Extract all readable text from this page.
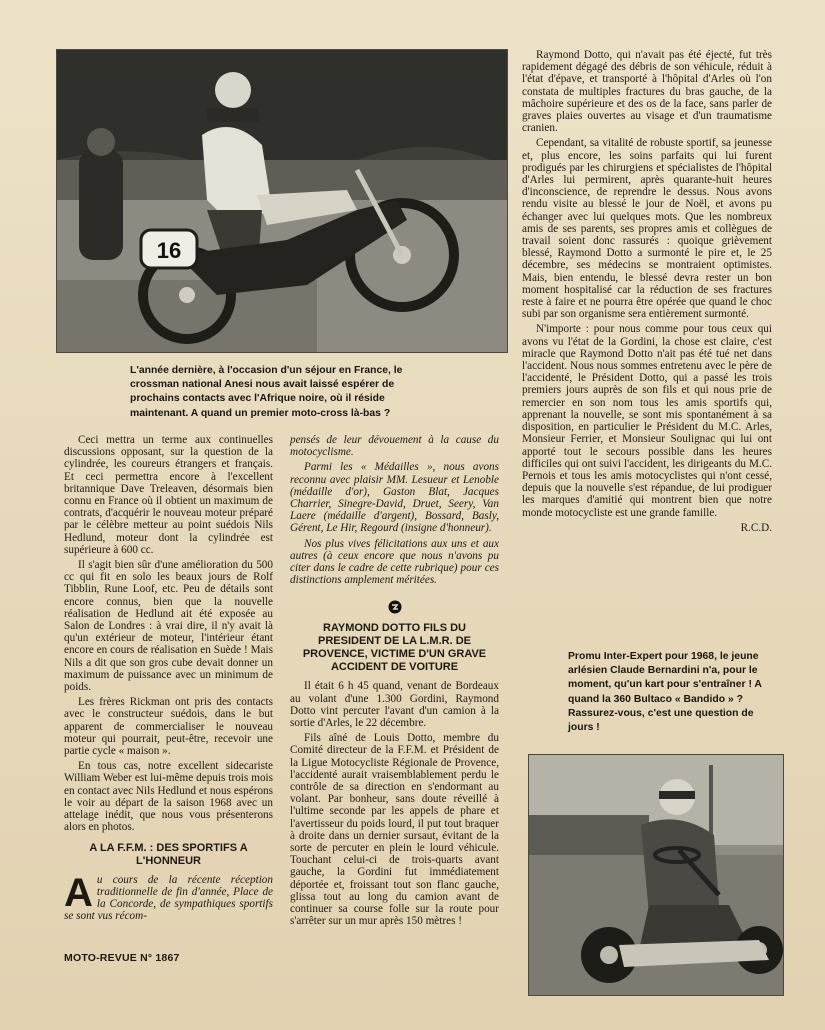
16
L'année dernière, à l'occasion d'un séjour en France, le crossman national Anesi nous avait laissé espérer de prochains contacts avec l'Afrique noire, où il réside maintenant. A quand un premier moto-cross là-bas ?

Raymond Dotto, qui n'avait pas été éjecté, fut très rapidement dégagé des débris de son véhicule, réduit à l'état d'épave, et transporté à l'hôpital d'Arles où l'on constata de multiples fractures du bras gauche, de la mâchoire supérieure et des os de la face, sans parler de graves plaies ouvertes au visage et d'un traumatisme cranien.

Cependant, sa vitalité de robuste sportif, sa jeunesse et, plus encore, les soins parfaits qui lui furent prodigués par les chirurgiens et spécialistes de l'hôpital d'Arles lui permirent, après quarante-huit heures d'inconscience, de reprendre le dessus. Nous avons rendu visite au blessé le jour de Noël, et avons pu échanger avec lui quelques mots. Que les nombreux amis de ses parents, ses propres amis et collègues de travail soient donc rassurés : quoique grièvement blessé, Raymond Dotto a surmonté le pire et, le 25 décembre, ses médecins se montraient optimistes. Mais, bien entendu, le blessé devra rester un bon moment hospitalisé car la réduction de ses fractures reste à faire et ne pourra être opérée que quand le choc subi par son organisme sera entièrement surmonté.

N'importe : pour nous comme pour tous ceux qui avons vu l'état de la Gordini, la chose est claire, c'est miracle que Raymond Dotto n'ait pas été tué net dans l'accident. Nous nous sommes entretenu avec le père de l'accidenté, le Président Dotto, qui a passé les trois premiers jours auprès de son fils et qui nous prie de remercier en son nom tous les amis sportifs qui, apprenant la nouvelle, se sont mis spontanément à sa disposition, en particulier le Président du M.C. Arles, Monsieur Ferrier, et Monsieur Soulignac qui lui ont apporté tout le secours possible dans les heures difficiles qui ont suivi l'accident, les dirigeants du M.C. Pernois et tous les amis motocyclistes qui n'ont cessé, depuis que la nouvelle s'est répandue, de lui prodiguer les marques d'amitié qui montrent bien que notre monde motocycliste est une grande famille.

R.C.D.

Ceci mettra un terme aux continuelles discussions opposant, sur la question de la cylindrée, les coureurs étrangers et français. Et ceci permettra encore à l'excellent britannique Dave Treleaven, désormais bien connu en France où il obtient un maximum de contrats, d'acquérir le nouveau moteur préparé par le célèbre metteur au point suédois Nils Hedlund, moteur dont la cylindrée est supérieure à 600 cc.

Il s'agit bien sûr d'une amélioration du 500 cc qui fit en solo les beaux jours de Rolf Tibblin, Rune Loof, etc. Peu de détails sont encore connus, bien que la nouvelle réalisation de Hedlund ait été exposée au Salon de Londres : à vrai dire, il n'y avait là qu'un extérieur de moteur, l'intérieur étant encore en cours de réalisation en Suède ! Mais Nils a dit que son gros cube devait donner un maximum de puissance avec un minimum de poids.

Les frères Rickman ont pris des contacts avec le constructeur suédois, dans le but apparent de commercialiser le nouveau moteur qui pourrait, peut-être, recevoir une partie cycle « maison ».

En tous cas, notre excellent sidecariste William Weber est lui-même depuis trois mois en contact avec Nils Hedlund et nous espérons le voir au départ de la saison 1968 avec un attelage inédit, que nous vous présenterons alors en photos.

A LA F.F.M. : DES SPORTIFS A L'HONNEUR
A u cours de la récente réception traditionnelle de fin d'année, Place de la Concorde, de sympathiques sportifs se sont vus récom-

pensés de leur dévouement à la cause du motocyclisme.

Parmi les « Médailles », nous avons reconnu avec plaisir MM. Lesueur et Lenoble (médaille d'or), Gaston Blat, Jacques Charrier, Sinegre-David, Druet, Seery, Van Laere (médaille d'argent), Bossard, Basly, Gérent, Le Hir, Regourd (insigne d'honneur).

Nos plus vives félicitations aux uns et aux autres (à ceux encore que nous n'avons pu citer dans le cadre de cette rubrique) pour ces distinctions amplement méritées.

RAYMOND DOTTO FILS DU PRESIDENT DE LA L.M.R. DE PROVENCE, VICTIME D'UN GRAVE ACCIDENT DE VOITURE

Il était 6 h 45 quand, venant de Bordeaux au volant d'une 1.300 Gordini, Raymond Dotto vint percuter l'avant d'un camion à la sortie d'Arles, le 22 décembre.

Fils aîné de Louis Dotto, membre du Comité directeur de la F.F.M. et Président de la Ligue Motocycliste Régionale de Provence, l'accidenté aurait vraisemblablement perdu le contrôle de sa direction en s'endormant au volant. Par bonheur, sans doute réveillé à l'ultime seconde par les appels de phare et l'avertisseur du poids lourd, il put tout braquer à droite dans un dernier sursaut, évitant de la sorte de percuter en plein le lourd véhicule. Touchant celui-ci de trois-quarts avant gauche, la Gordini fut immédiatement déportée et, froissant tout son flanc gauche, glissa tout au long du camion avant de continuer sa course folle sur la route pour s'arrêter sur un mur après 150 mètres !

Promu Inter-Expert pour 1968, le jeune arlésien Claude Bernardini n'a, pour le moment, qu'un kart pour s'entraîner ! A quand la 360 Bultaco « Bandido » ? Rassurez-vous, c'est une question de jours !
MOTO-REVUE N° 1867
